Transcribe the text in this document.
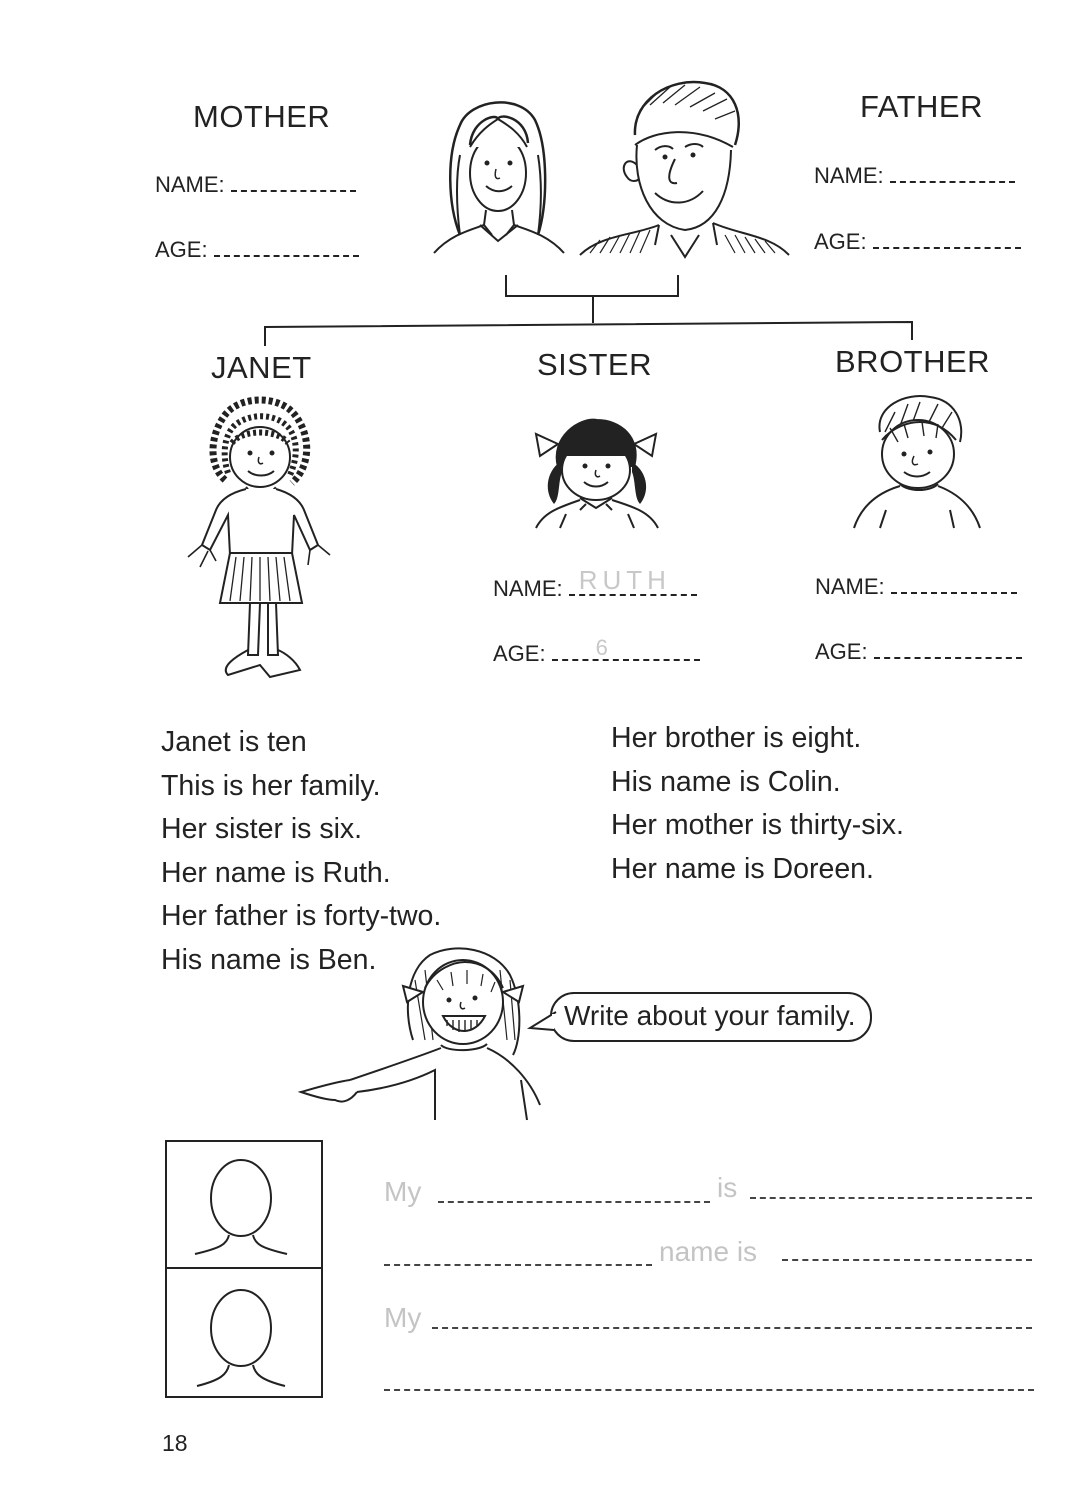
MOTHER
NAME:
AGE:
FATHER
NAME:
AGE:
JANET	SISTER	BROTHER
NAME: RUTH
AGE: 6
NAME:
AGE:
Janet is ten
This is her family.
Her sister is six.
Her name is Ruth.
Her father is forty-two.
His name is Ben.
Her brother is eight.
His name is Colin.
Her mother is thirty-six.
Her name is Doreen.
Write about your family.
My	is
name is
My
18
